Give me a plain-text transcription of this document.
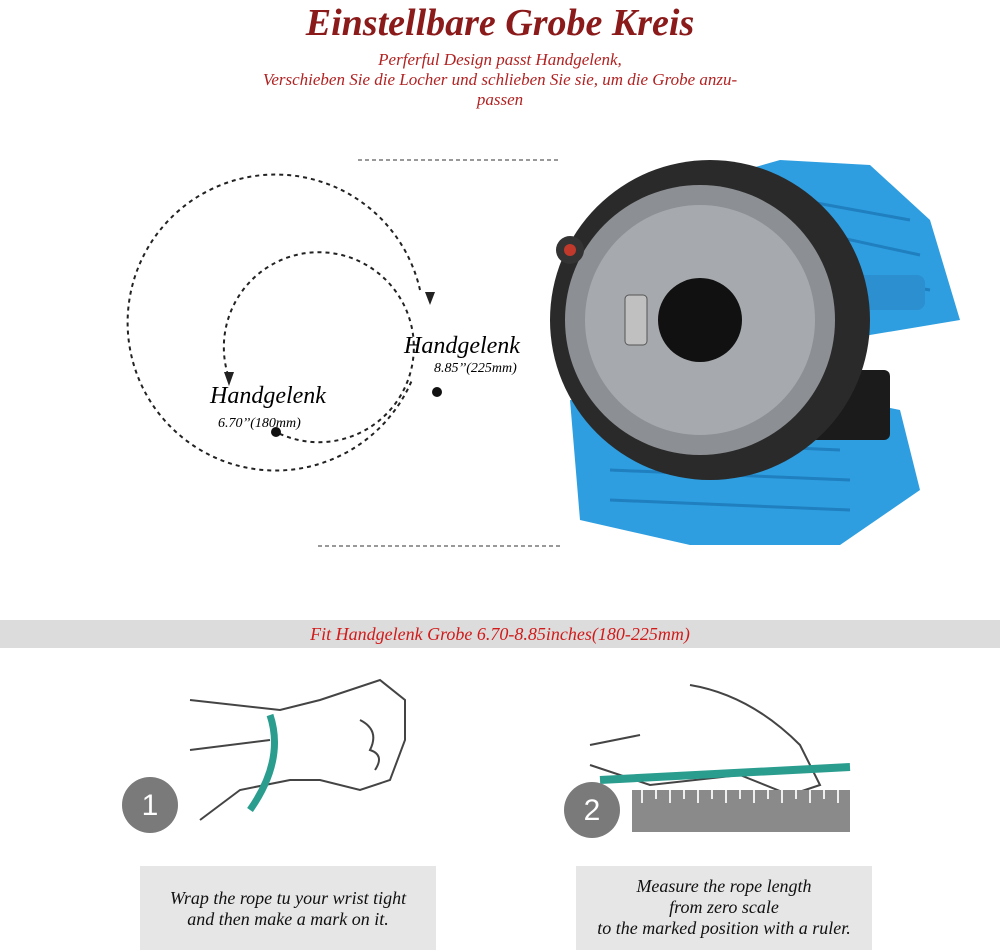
Einstellbare Grobe Kreis
Perferful Design passt Handgelenk,
Verschieben Sie die Locher und schlieben Sie sie, um die Grobe anzu-
passen
Handgelenk
8.85’’(225mm)
Handgelenk
6.70’’(180mm)
Fit Handgelenk Grobe 6.70-8.85inches(180-225mm)
1	2
Wrap the rope tu your wrist tight
and then make a mark on it.
Measure the rope length
from zero scale
to the marked position with a ruler.
